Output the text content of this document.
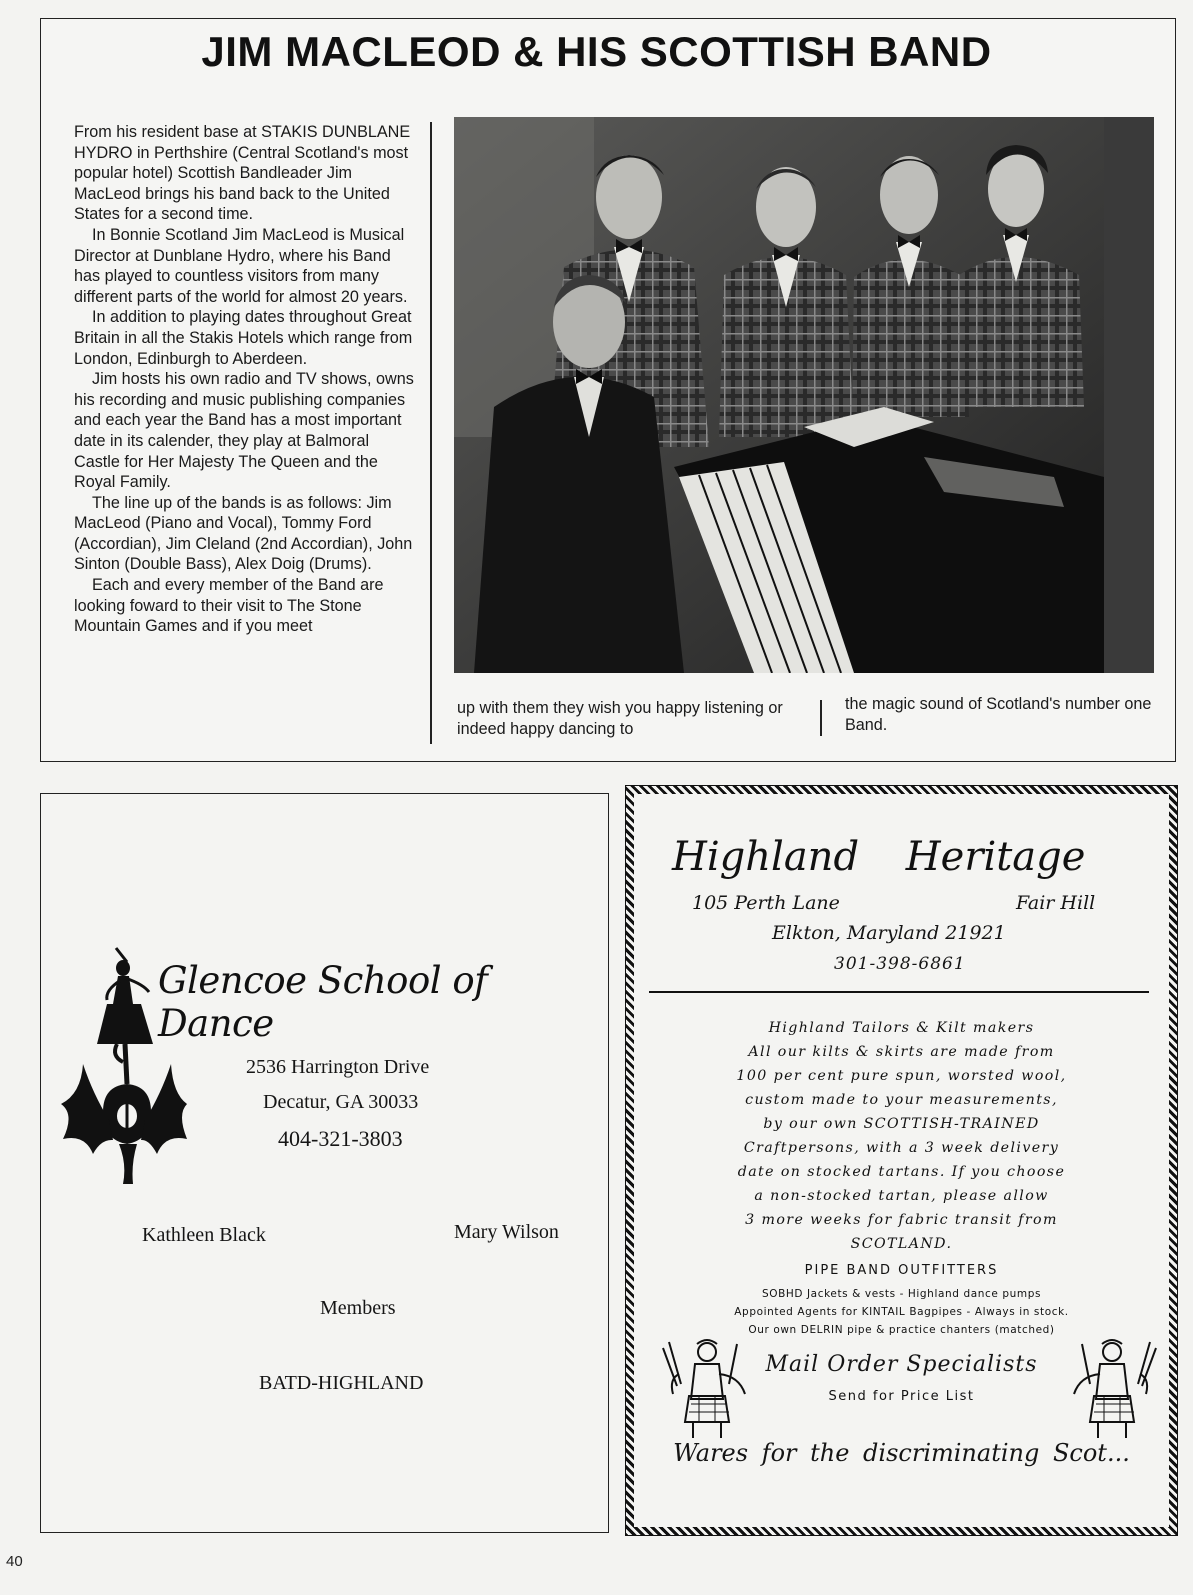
JIM MACLEOD & HIS SCOTTISH BAND

From his resident base at STAKIS DUNBLANE HYDRO in Perthshire (Central Scotland's most popular hotel) Scottish Bandleader Jim MacLeod brings his band back to the United States for a second time.

In Bonnie Scotland Jim MacLeod is Musical Director at Dunblane Hydro, where his Band has played to countless visitors from many different parts of the world for almost 20 years.

In addition to playing dates throughout Great Britain in all the Stakis Hotels which range from London, Edinburgh to Aberdeen.

Jim hosts his own radio and TV shows, owns his recording and music publishing companies and each year the Band has a most important date in its calender, they play at Balmoral Castle for Her Majesty The Queen and the Royal Family.

The line up of the bands is as follows: Jim MacLeod (Piano and Vocal), Tommy Ford (Accordian), Jim Cleland (2nd Accordian), John Sinton (Double Bass), Alex Doig (Drums).

Each and every member of the Band are looking foward to their visit to The Stone Mountain Games and if you meet

up with them they wish you happy listening or indeed happy dancing to

the magic sound of Scotland's number one Band.

Glencoe School of Dance
2536 Harrington Drive
Decatur, GA 30033
404-321-3803
Kathleen Black	Mary Wilson
Members
BATD-HIGHLAND
Highland Heritage
105 Perth Lane	Fair Hill
Elkton, Maryland 21921
301-398-6861
Highland Tailors & Kilt makers
All our kilts & skirts are made from
100 per cent pure spun, worsted wool,
custom made to your measurements,
by our own SCOTTISH-TRAINED
Craftpersons, with a 3 week delivery
date on stocked tartans. If you choose
a non-stocked tartan, please allow
3 more weeks for fabric transit from
SCOTLAND.
PIPE BAND OUTFITTERS
SOBHD Jackets & vests - Highland dance pumps
Appointed Agents for KINTAIL Bagpipes - Always in stock.
Our own DELRIN pipe & practice chanters (matched)
Mail Order Specialists
Send for Price List
Wares for the discriminating Scot...
40
